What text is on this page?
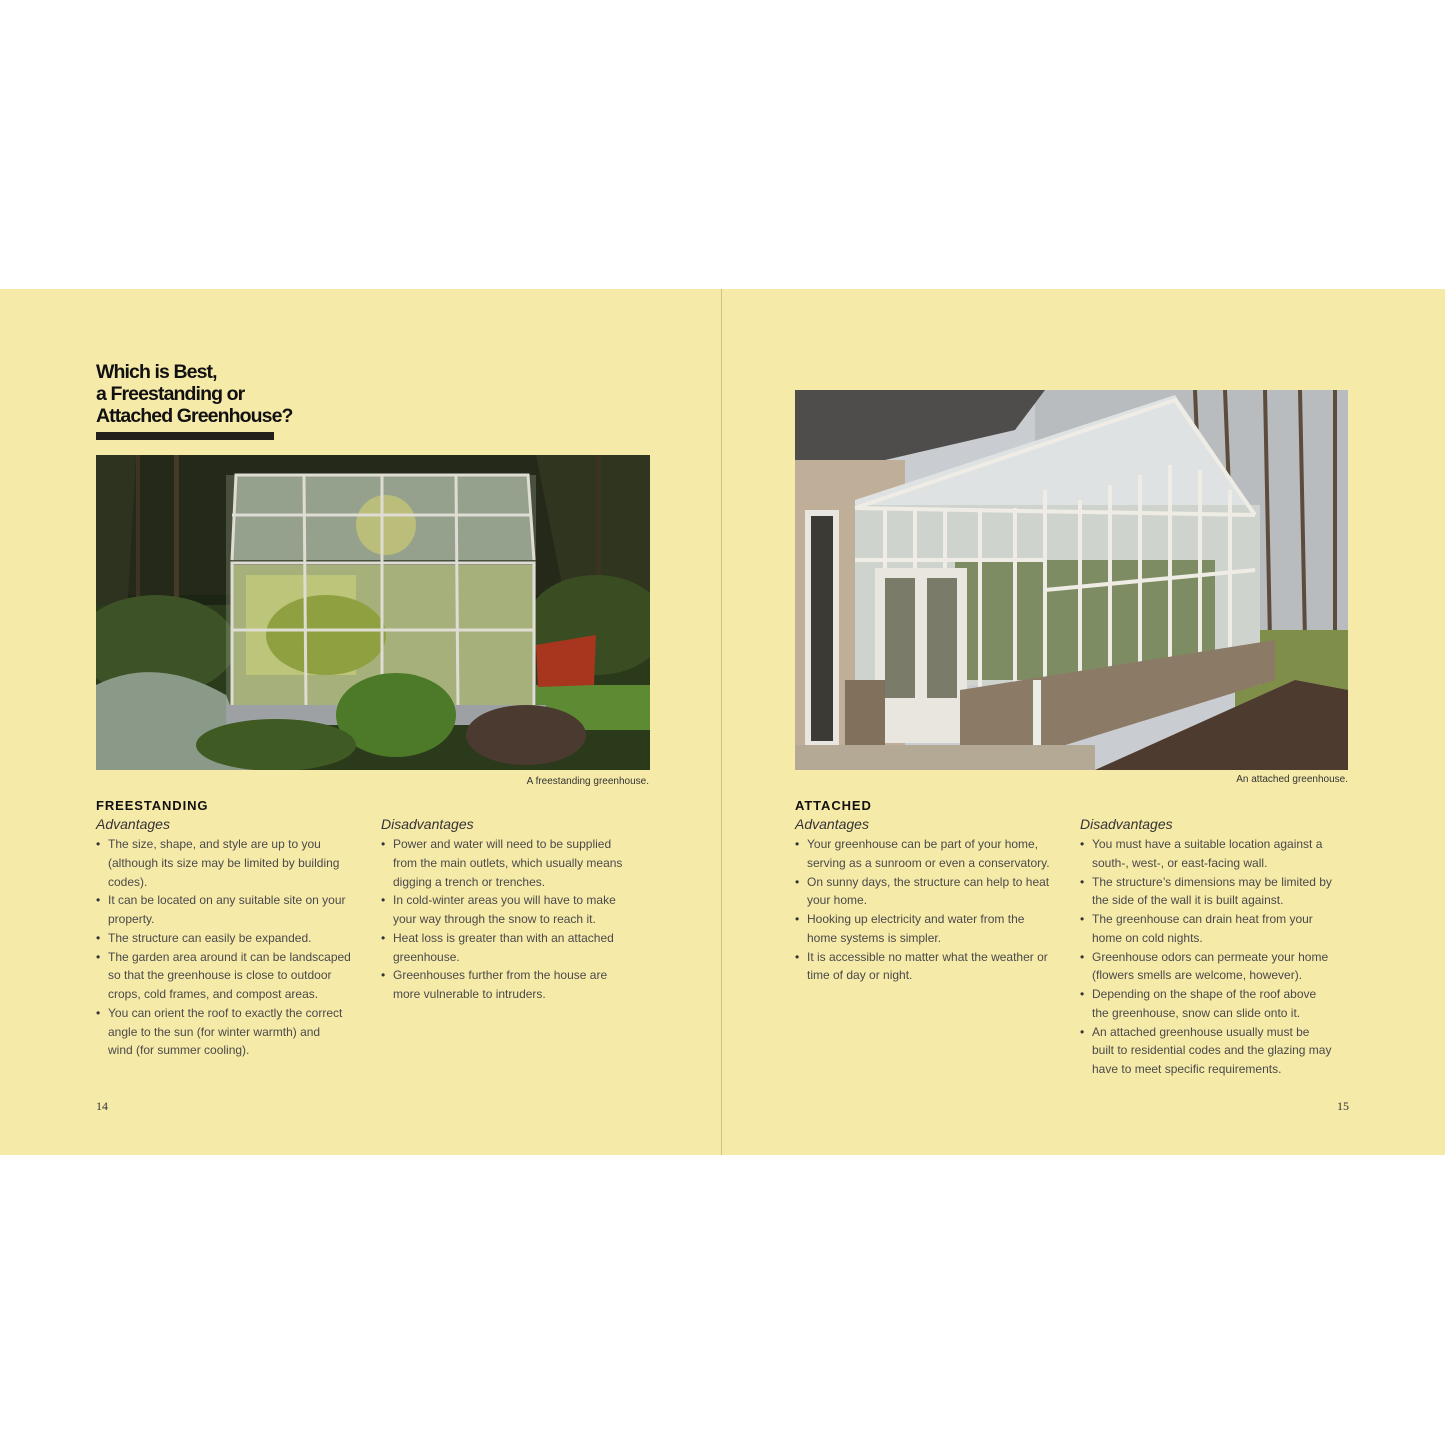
Which is Best,
a Freestanding or
Attached Greenhouse?
A freestanding greenhouse.
FREESTANDING
Advantages
• The size, shape, and style are up to you
(although its size may be limited by building
codes).
• It can be located on any suitable site on your
property.
• The structure can easily be expanded.
• The garden area around it can be landscaped
so that the greenhouse is close to outdoor
crops, cold frames, and compost areas.
• You can orient the roof to exactly the correct
angle to the sun (for winter warmth) and
wind (for summer cooling).
Disadvantages
• Power and water will need to be supplied
from the main outlets, which usually means
digging a trench or trenches.
• In cold-winter areas you will have to make
your way through the snow to reach it.
• Heat loss is greater than with an attached
greenhouse.
• Greenhouses further from the house are
more vulnerable to intruders.
14
An attached greenhouse.
ATTACHED
Advantages
• Your greenhouse can be part of your home,
serving as a sunroom or even a conservatory.
• On sunny days, the structure can help to heat
your home.
• Hooking up electricity and water from the
home systems is simpler.
• It is accessible no matter what the weather or
time of day or night.
Disadvantages
• You must have a suitable location against a
south-, west-, or east-facing wall.
• The structure’s dimensions may be limited by
the side of the wall it is built against.
• The greenhouse can drain heat from your
home on cold nights.
• Greenhouse odors can permeate your home
(flowers smells are welcome, however).
• Depending on the shape of the roof above
the greenhouse, snow can slide onto it.
• An attached greenhouse usually must be
built to residential codes and the glazing may
have to meet specific requirements.
15
